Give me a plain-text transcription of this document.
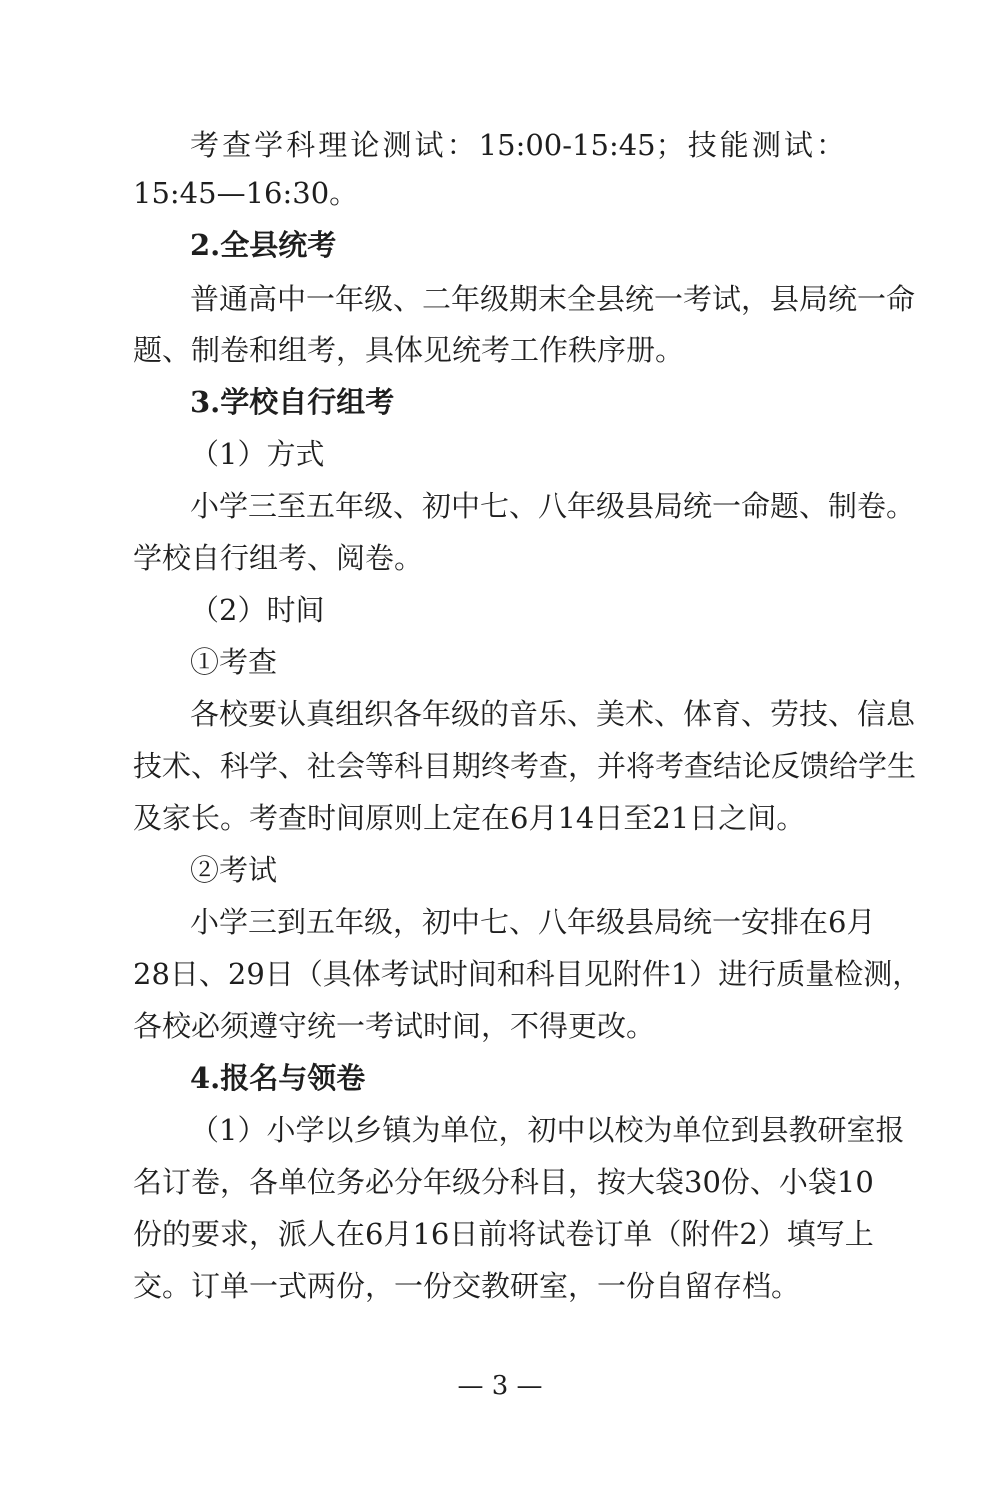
考查学科理论测试：15:00-15:45；技能测试：
15:45—16:30。
2.全县统考
普通高中一年级、二年级期末全县统一考试，县局统一命
题、制卷和组考，具体见统考工作秩序册。
3.学校自行组考
（1）方式
小学三至五年级、初中七、八年级县局统一命题、制卷。
学校自行组考、阅卷。
（2）时间
①考查
各校要认真组织各年级的音乐、美术、体育、劳技、信息
技术、科学、社会等科目期终考查，并将考查结论反馈给学生
及家长。考查时间原则上定在6月14日至21日之间。
②考试
小学三到五年级，初中七、八年级县局统一安排在6月
28日、29日（具体考试时间和科目见附件1）进行质量检测，
各校必须遵守统一考试时间，不得更改。
4.报名与领卷
（1）小学以乡镇为单位，初中以校为单位到县教研室报
名订卷，各单位务必分年级分科目，按大袋30份、小袋10
份的要求，派人在6月16日前将试卷订单（附件2）填写上
交。订单一式两份，一份交教研室，一份自留存档。
— 3 —
